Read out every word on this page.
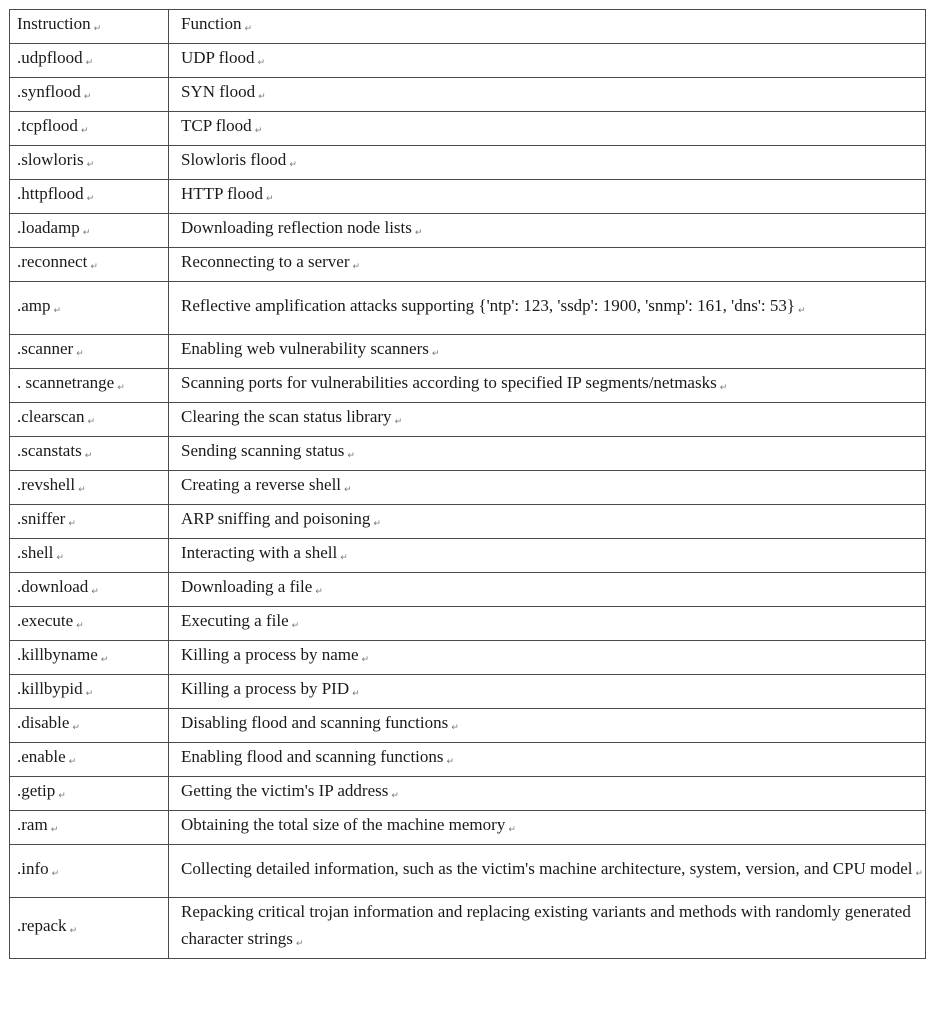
Instruction ↵	Function ↵
.udpflood ↵	UDP flood ↵
.synflood ↵	SYN flood ↵
.tcpflood ↵	TCP flood ↵
.slowloris ↵	Slowloris flood ↵
.httpflood ↵	HTTP flood ↵
.loadamp ↵	Downloading reflection node lists ↵
.reconnect ↵	Reconnecting to a server ↵
.amp ↵	Reflective amplification attacks supporting {'ntp': 123, 'ssdp': 1900, 'snmp': 161, 'dns': 53} ↵
.scanner ↵	Enabling web vulnerability scanners ↵
. scannetrange ↵	Scanning ports for vulnerabilities according to specified IP segments/netmasks ↵
.clearscan ↵	Clearing the scan status library ↵
.scanstats ↵	Sending scanning status ↵
.revshell ↵	Creating a reverse shell ↵
.sniffer ↵	ARP sniffing and poisoning ↵
.shell ↵	Interacting with a shell ↵
.download ↵	Downloading a file ↵
.execute ↵	Executing a file ↵
.killbyname ↵	Killing a process by name ↵
.killbypid ↵	Killing a process by PID ↵
.disable ↵	Disabling flood and scanning functions ↵
.enable ↵	Enabling flood and scanning functions ↵
.getip ↵	Getting the victim's IP address ↵
.ram ↵	Obtaining the total size of the machine memory ↵
.info ↵	Collecting detailed information, such as the victim's machine architecture, system, version, and CPU model ↵
.repack ↵	Repacking critical trojan information and replacing existing variants and methods with randomly generated character strings ↵
